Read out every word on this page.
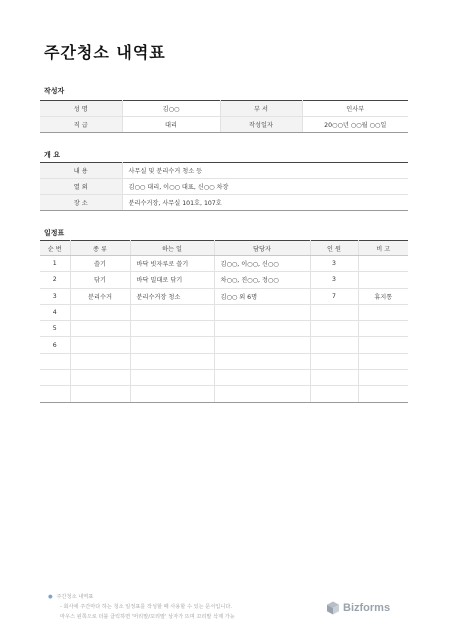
주간청소 내역표
작성자
성 명	김○○	부 서	인사부
직 급	대리	작성일자	20○○년 ○○월 ○○일
개 요
내 용	사무실 및 분리수거 청소 등
열 외	김○○ 대리, 이○○ 대표, 신○○ 차장
장 소	분리수거장, 사무실 101호, 107호
일정표
순 번	종 류	하는 일	담당자	인 원	비 고
1	쓸기	바닥 빗자루로 쓸기	김○○, 이○○, 신○○	3	
2	닦기	바닥 밀대로 닦기	차○○, 진○○, 정○○	3	
3	분리수거	분리수거장 청소	김○○ 외 6명	7	휴지통
4					
5					
6					

● 주간청소 내역표
- 회사에 주간마다 하는 청소 일정표를 작성할 때 사용할 수 있는 문서입니다.
마우스 왼쪽으로 더블 클릭하면 '머리말/꼬리말' 상자가 뜨며 꼬리말 삭제 가능
Bizforms
